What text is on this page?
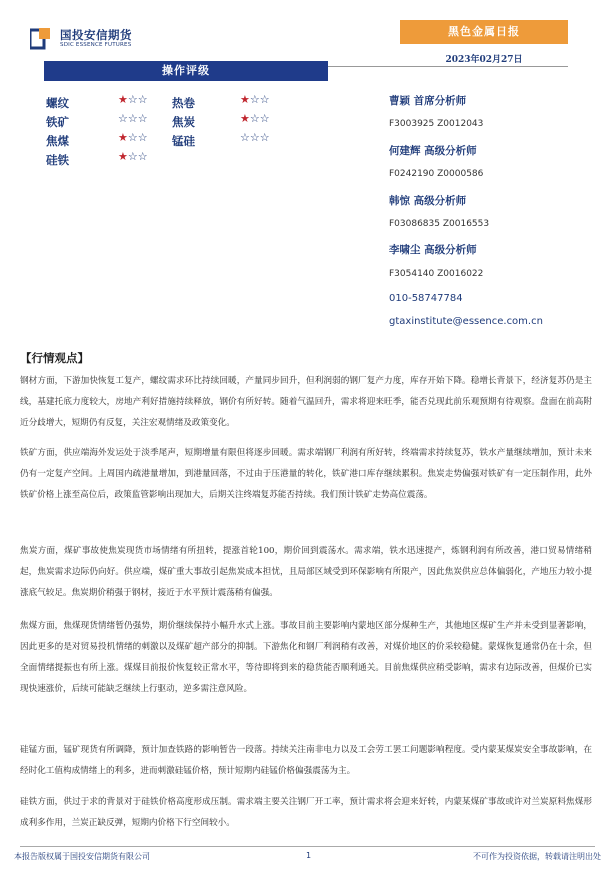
国投安信期货
SDIC ESSENCE FUTURES
黑色金属日报
2023年02月27日
操作评级
螺纹	★☆☆ 热卷	★☆☆
铁矿	☆☆☆ 焦炭	★☆☆
焦煤	★☆☆ 锰硅	☆☆☆
硅铁	★☆☆
曹颖 首席分析师
F3003925 Z0012043
何建辉 高级分析师
F0242190 Z0000586
韩惊 高级分析师
F03086835 Z0016553
李啸尘 高级分析师
F3054140 Z0016022
010-58747784
gtaxinstitute@essence.com.cn
【行情观点】
钢材方面，下游加快恢复工复产，螺纹需求环比持续回暖，产量同步回升，但利润弱的钢厂复产力度，库存开始下降。稳增长背景下，经济复苏仍是主线，基建托底力度较大，房地产利好措施持续释放，钢价有所好转。随着气温回升，需求将迎来旺季，能否兑现此前乐观预期有待观察。盘面在前高附近分歧增大，短期仍有反复，关注宏观情绪及政策变化。
铁矿方面，供应端海外发运处于淡季尾声，短期增量有限但将逐步回暖。需求端钢厂利润有所好转，终端需求持续复苏，铁水产量继续增加，预计未来仍有一定复产空间。上周国内疏港量增加，到港量回落，不过由于压港量的转化，铁矿港口库存继续累积。焦炭走势偏强对铁矿有一定压制作用，此外铁矿价格上涨至高位后，政策监管影响出现加大，后期关注终端复苏能否持续。我们预计铁矿走势高位震荡。
焦炭方面，煤矿事故使焦炭现货市场情绪有所扭转，提涨首轮100，期价回到震荡水。需求端，铁水迅速提产，炼钢利润有所改善，港口贸易情绪稍起，焦炭需求边际仍向好。供应端，煤矿重大事故引起焦炭成本担忧，且局部区域受到环保影响有所限产，因此焦炭供应总体偏弱化，产地压力较小提涨底气较足。焦炭期价稍强于钢材，接近于水平预计震荡稍有偏强。
焦煤方面，焦煤现货情绪暂仍强势，期价继续保持小幅升水式上涨。事故目前主要影响内蒙地区部分煤种生产，其他地区煤矿生产并未受到显著影响，因此更多的是对贸易投机情绪的刺激以及煤矿超产部分的抑制。下游焦化和钢厂利润稍有改善，对煤价地区的价采较稳健。蒙煤恢复通常仍在十余，但全面情绪提振也有所上涨。煤煤目前报价恢复较正常水平，等待即将到来的稳货能否顺利通关。目前焦煤供应稍受影响，需求有边际改善，但煤价已实现快速涨价，后续可能缺乏继续上行驱动，逆多需注意风险。
硅锰方面，锰矿现货有所调降，预计加查铁路的影响暂告一段落。持续关注南非电力以及工会劳工罢工问题影响程度。受内蒙某煤炭安全事故影响，在经时化工值构成情绪上的利多，进而刺激硅锰价格，预计短期内硅锰价格偏强震荡为主。
硅铁方面，供过于求的背景对于硅铁价格高度形成压制。需求端主要关注钢厂开工率，预计需求将会迎来好转，内蒙某煤矿事故或许对兰炭原料焦煤形成利多作用，兰炭正缺反弹，短期内价格下行空间较小。
本报告版权属于国投安信期货有限公司	1	不可作为投资依据，转载请注明出处
